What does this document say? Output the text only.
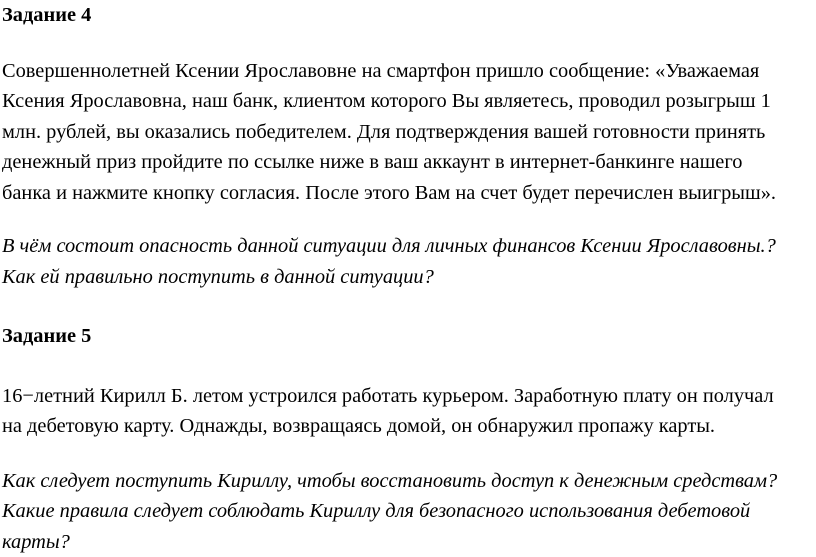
Задание 4
Совершеннолетней Ксении Ярославовне на смартфон пришло сообщение: «Уважаемая
Ксения Ярославовна, наш банк, клиентом которого Вы являетесь, проводил розыгрыш 1
млн. рублей, вы оказались победителем. Для подтверждения вашей готовности принять
денежный приз пройдите по ссылке ниже в ваш аккаунт в интернет-банкинге нашего
банка и нажмите кнопку согласия. После этого Вам на счет будет перечислен выигрыш».
В чём состоит опасность данной ситуации для личных финансов Ксении Ярославовны.?
Как ей правильно поступить в данной ситуации?
Задание 5
16−летний Кирилл Б. летом устроился работать курьером. Заработную плату он получал
на дебетовую карту. Однажды, возвращаясь домой, он обнаружил пропажу карты.
Как следует поступить Кириллу, чтобы восстановить доступ к денежным средствам?
Какие правила следует соблюдать Кириллу для безопасного использования дебетовой
карты?
